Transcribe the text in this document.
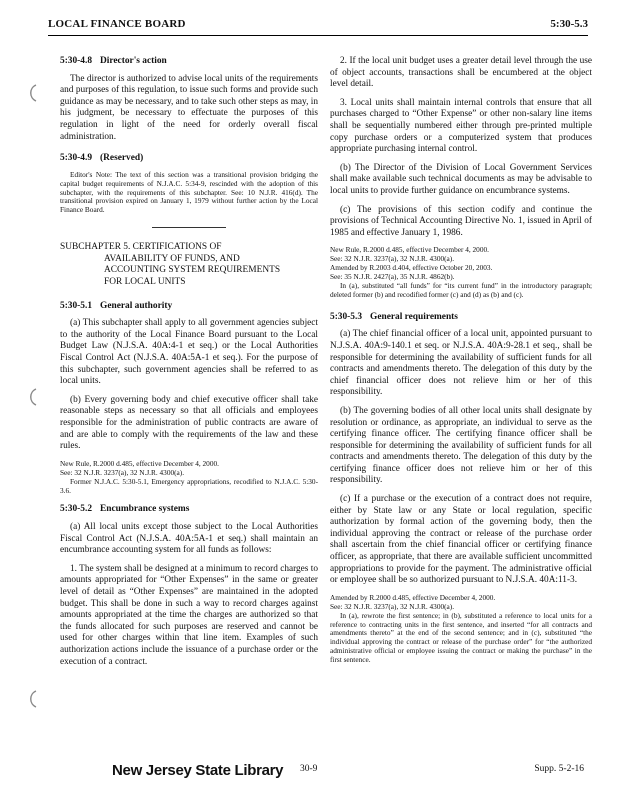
LOCAL FINANCE BOARD	5:30-5.3
5:30-4.8 Director's action

The director is authorized to advise local units of the requirements and purposes of this regulation, to issue such forms and provide such guidance as may be necessary, and to take such other steps as may, in his judgment, be necessary to effectuate the purposes of this regulation in light of the need for orderly overall fiscal administration.

5:30-4.9 (Reserved)
Editor's Note: The text of this section was a transitional provision bridging the capital budget requirements of N.J.A.C. 5:34-9, rescinded with the adoption of this subchapter, with the requirements of this subchapter. See: 10 N.J.R. 416(d). The transitional provision expired on January 1, 1979 without further action by the Local Finance Board.
SUBCHAPTER 5. CERTIFICATIONS OF
AVAILABILITY OF FUNDS, AND
ACCOUNTING SYSTEM REQUIREMENTS
FOR LOCAL UNITS
5:30-5.1 General authority

(a) This subchapter shall apply to all government agencies subject to the authority of the Local Finance Board pursuant to the Local Budget Law (N.J.S.A. 40A:4-1 et seq.) or the Local Authorities Fiscal Control Act (N.J.S.A. 40A:5A-1 et seq.). For the purpose of this subchapter, such government agencies shall be referred to as local units.

(b) Every governing body and chief executive officer shall take reasonable steps as necessary so that all officials and employees responsible for the administration of public contracts are aware of and are able to comply with the requirements of the law and these rules.

New Rule, R.2000 d.485, effective December 4, 2000.
See: 32 N.J.R. 3237(a), 32 N.J.R. 4300(a).
Former N.J.A.C. 5:30-5.1, Emergency appropriations, recodified to N.J.A.C. 5:30-3.6.
5:30-5.2 Encumbrance systems

(a) All local units except those subject to the Local Authorities Fiscal Control Act (N.J.S.A. 40A:5A-1 et seq.) shall maintain an encumbrance accounting system for all funds as follows:

1. The system shall be designed at a minimum to record charges to amounts appropriated for “Other Expenses” in the same or greater level of detail as “Other Expenses” are maintained in the adopted budget. This shall be done in such a way to record charges against amounts appropriated at the time the charges are authorized so that the funds allocated for such purposes are reserved and cannot be used for other charges within that line item. Examples of such authorization actions include the issuance of a purchase order or the execution of a contract.

2. If the local unit budget uses a greater detail level through the use of object accounts, transactions shall be encumbered at the object level detail.

3. Local units shall maintain internal controls that ensure that all purchases charged to “Other Expense” or other non-salary line items shall be sequentially numbered either through pre-printed multiple copy purchase orders or a computerized system that produces appropriate purchasing internal control.

(b) The Director of the Division of Local Government Services shall make available such technical documents as may be advisable to local units to provide further guidance on encumbrance systems.

(c) The provisions of this section codify and continue the provisions of Technical Accounting Directive No. 1, issued in April of 1985 and effective January 1, 1986.

New Rule, R.2000 d.485, effective December 4, 2000.
See: 32 N.J.R. 3237(a), 32 N.J.R. 4300(a).
Amended by R.2003 d.404, effective October 20, 2003.
See: 35 N.J.R. 2427(a), 35 N.J.R. 4862(b).
In (a), substituted “all funds” for “its current fund” in the introductory paragraph; deleted former (b) and recodified former (c) and (d) as (b) and (c).
5:30-5.3 General requirements

(a) The chief financial officer of a local unit, appointed pursuant to N.J.S.A. 40A:9-140.1 et seq. or N.J.S.A. 40A:9-28.1 et seq., shall be responsible for determining the availability of sufficient funds for all contracts and amendments thereto. The delegation of this duty by the chief financial officer does not relieve him or her of this responsibility.

(b) The governing bodies of all other local units shall designate by resolution or ordinance, as appropriate, an individual to serve as the certifying finance officer. The certifying finance officer shall be responsible for determining the availability of sufficient funds for all contracts and amendments thereto. The delegation of this duty by the certifying finance officer does not relieve him or her of this responsibility.

(c) If a purchase or the execution of a contract does not require, either by State law or any State or local regulation, specific authorization by formal action of the governing body, then the individual approving the contract or release of the purchase order shall ascertain from the chief financial officer or certifying finance officer, as appropriate, that there are available sufficient uncommitted appropriations to provide for the payment. The administrative official or employee shall be so authorized pursuant to N.J.S.A. 40A:11-3.

Amended by R.2000 d.485, effective December 4, 2000.
See: 32 N.J.R. 3237(a), 32 N.J.R. 4300(a).
In (a), rewrote the first sentence; in (b), substituted a reference to local units for a reference to contracting units in the first sentence, and inserted “for all contracts and amendments thereto” at the end of the second sentence; and in (c), substituted “the individual approving the contract or release of the purchase order” for “the authorized administrative official or employee issuing the contract or making the purchase” in the first sentence.
New Jersey State Library 30-9	Supp. 5-2-16
